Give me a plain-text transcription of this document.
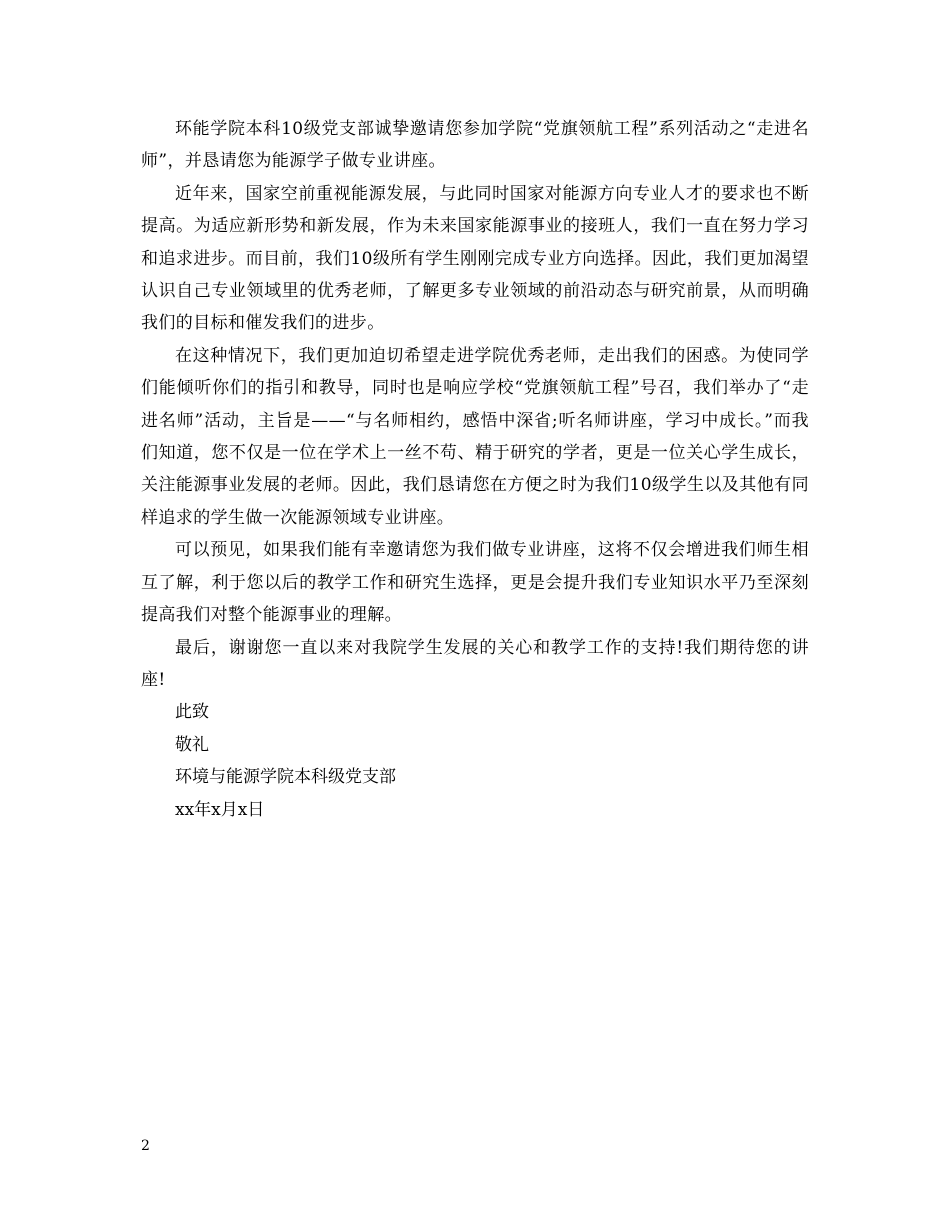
环能学院本科10级党支部诚挚邀请您参加学院“党旗领航工程”系列活动之“走进名师”，并恳请您为能源学子做专业讲座。

近年来，国家空前重视能源发展，与此同时国家对能源方向专业人才的要求也不断提高。为适应新形势和新发展，作为未来国家能源事业的接班人，我们一直在努力学习和追求进步。而目前，我们10级所有学生刚刚完成专业方向选择。因此，我们更加渴望认识自己专业领域里的优秀老师，了解更多专业领域的前沿动态与研究前景，从而明确我们的目标和催发我们的进步。

在这种情况下，我们更加迫切希望走进学院优秀老师，走出我们的困惑。为使同学们能倾听你们的指引和教导，同时也是响应学校“党旗领航工程”号召，我们举办了“走进名师”活动，主旨是——“与名师相约，感悟中深省;听名师讲座，学习中成长。”而我们知道，您不仅是一位在学术上一丝不苟、精于研究的学者，更是一位关心学生成长，关注能源事业发展的老师。因此，我们恳请您在方便之时为我们10级学生以及其他有同样追求的学生做一次能源领域专业讲座。

可以预见，如果我们能有幸邀请您为我们做专业讲座，这将不仅会增进我们师生相互了解，利于您以后的教学工作和研究生选择，更是会提升我们专业知识水平乃至深刻提高我们对整个能源事业的理解。

最后，谢谢您一直以来对我院学生发展的关心和教学工作的支持!我们期待您的讲座!

此致

敬礼

环境与能源学院本科级党支部

xx年x月x日

2
